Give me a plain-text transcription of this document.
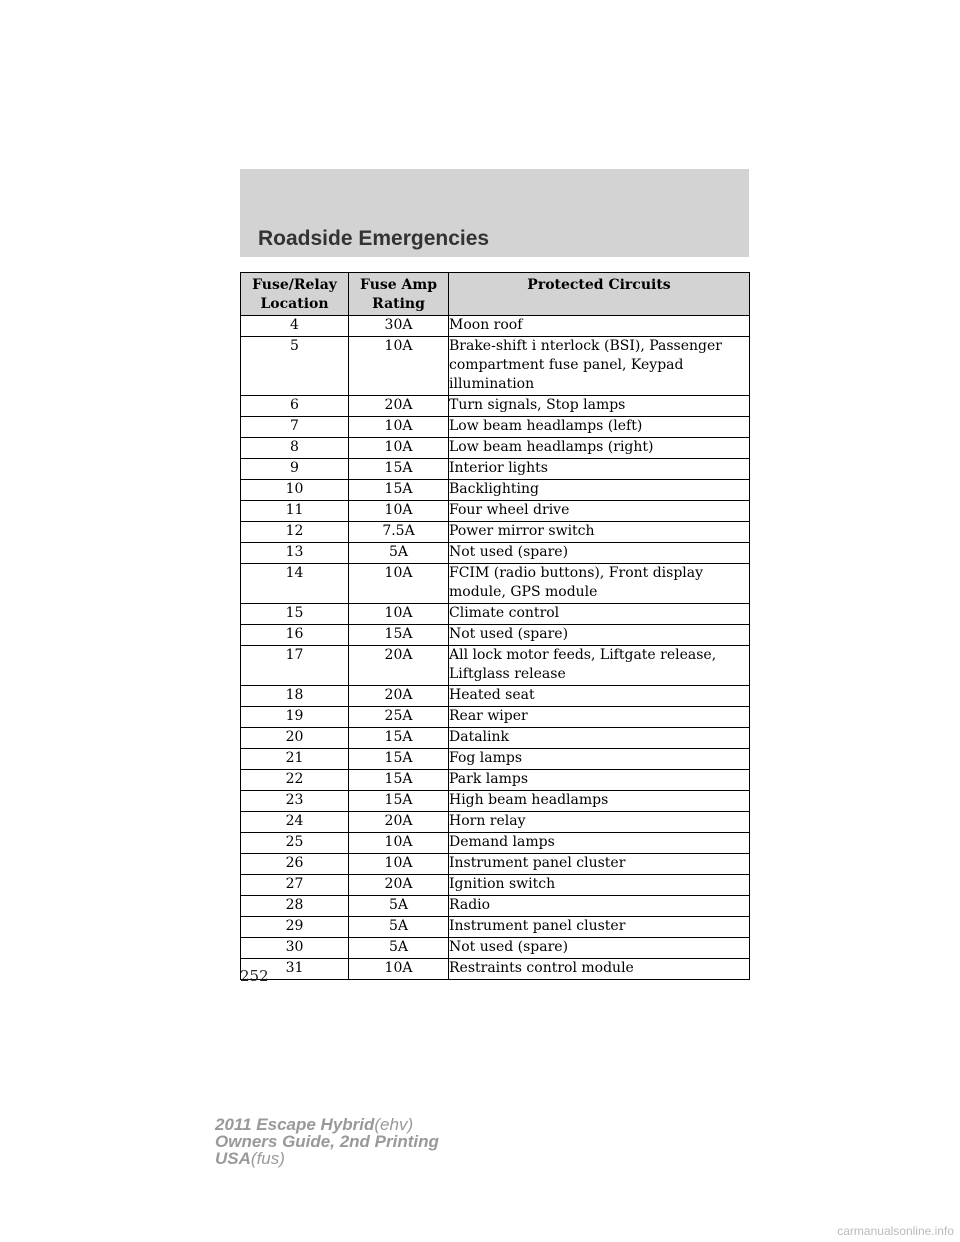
Roadside Emergencies
Fuse/Relay Location	Fuse Amp Rating	Protected Circuits
4	30A	Moon roof
5	10A	Brake-shift i nterlock (BSI), Passenger compartment fuse panel, Keypad illumination
6	20A	Turn signals, Stop lamps
7	10A	Low beam headlamps (left)
8	10A	Low beam headlamps (right)
9	15A	Interior lights
10	15A	Backlighting
11	10A	Four wheel drive
12	7.5A	Power mirror switch
13	5A	Not used (spare)
14	10A	FCIM (radio buttons), Front display module, GPS module
15	10A	Climate control
16	15A	Not used (spare)
17	20A	All lock motor feeds, Liftgate release, Liftglass release
18	20A	Heated seat
19	25A	Rear wiper
20	15A	Datalink
21	15A	Fog lamps
22	15A	Park lamps
23	15A	High beam headlamps
24	20A	Horn relay
25	10A	Demand lamps
26	10A	Instrument panel cluster
27	20A	Ignition switch
28	5A	Radio
29	5A	Instrument panel cluster
30	5A	Not used (spare)
31	10A	Restraints control module
252
2011 Escape Hybrid(ehv)
Owners Guide, 2nd Printing
USA(fus)
carmanualsonline.info
